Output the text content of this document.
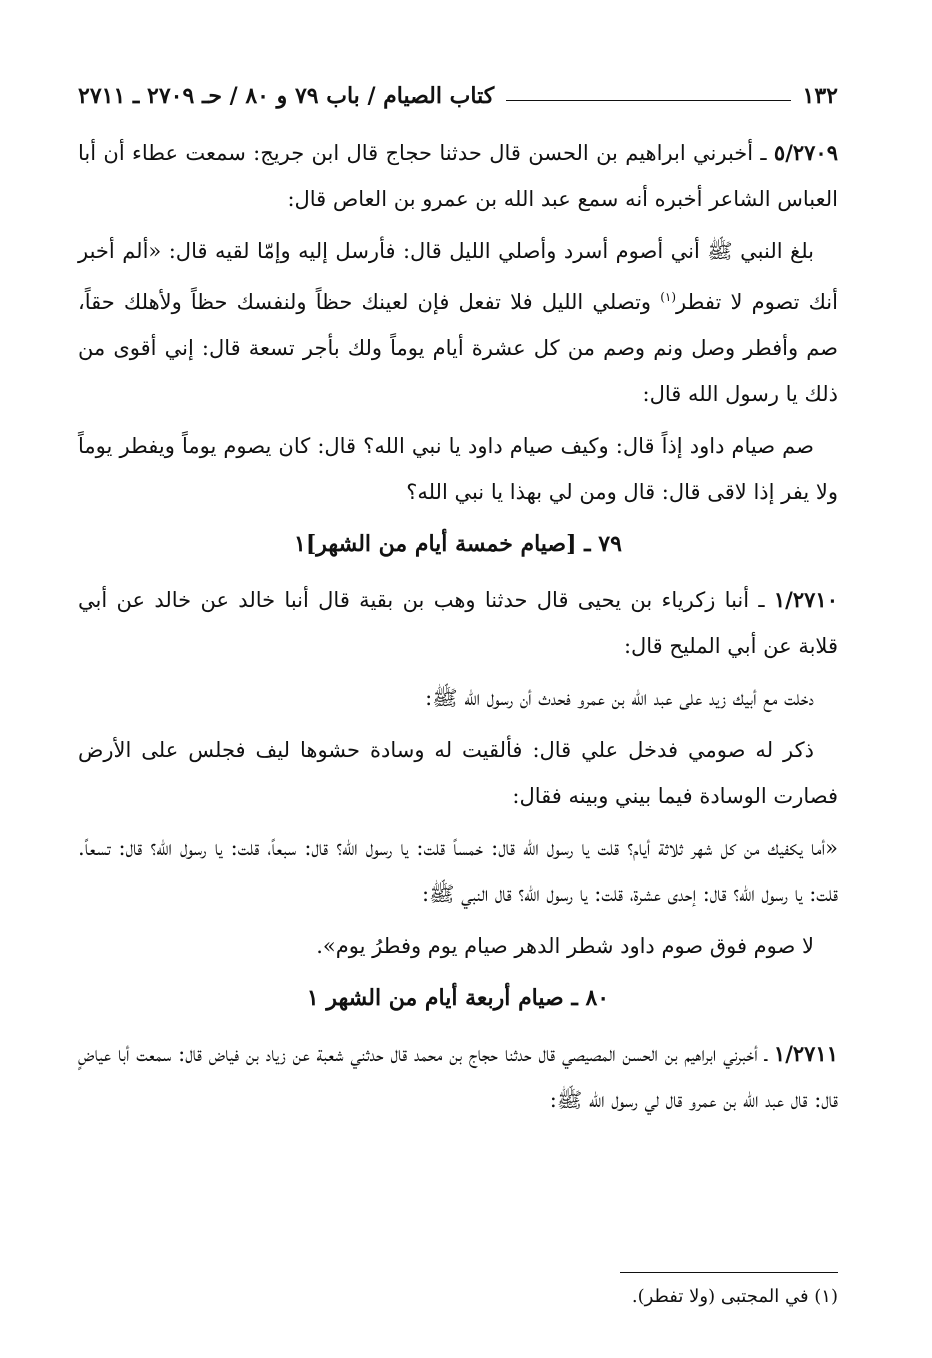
١٣٢
كتاب الصيام / باب ٧٩ و ٨٠ / حـ ٢٧٠٩ ـ ٢٧١١

٥/٢٧٠٩ ـ أخبرني ابراهيم بن الحسن قال حدثنا حجاج قال ابن جريج: سمعت عطاء أن أبا العباس الشاعر أخبره أنه سمع عبد الله بن عمرو بن العاص قال:

بلغ النبي ﷺ أني أصوم أسرد وأصلي الليل قال: فأرسل إليه وإمّا لقيه قال: «ألم أخبر أنك تصوم لا تفطر$^{(١)}$ وتصلي الليل فلا تفعل فإن لعينك حظاً ولنفسك حظاً ولأهلك حقاً، صم وأفطر وصل ونم وصم من كل عشرة أيام يوماً ولك بأجر تسعة قال: إني أقوى من ذلك يا رسول الله قال:

صم صيام داود إذاً قال: وكيف صيام داود يا نبي الله؟ قال: كان يصوم يوماً ويفطر يوماً ولا يفر إذا لاقى قال: قال ومن لي بهذا يا نبي الله؟

٧٩ ـ [صيام خمسة أيام من الشهر]١

١/٢٧١٠ ـ أنبا زكرياء بن يحيى قال حدثنا وهب بن بقية قال أنبا خالد عن خالد عن أبي قلابة عن أبي المليح قال:

دخلت مع أبيك زيد على عبد الله بن عمرو فحدث أن رسول الله ﷺ:

ذكر له صومي فدخل علي قال: فألقيت له وسادة حشوها ليف فجلس على الأرض فصارت الوسادة فيما بيني وبينه فقال:

«أما يكفيك من كل شهر ثلاثة أيام؟ قلت يا رسول الله قال: خمساً قلت: يا رسول الله؟ قال: سبعاً، قلت: يا رسول الله؟ قال: تسعاً. قلت: يا رسول الله؟ قال: إحدى عشرة، قلت: يا رسول الله؟ قال النبي ﷺ:

لا صوم فوق صوم داود شطر الدهر صيام يوم وفطرُ يوم».

٨٠ ـ صيام أربعة أيام من الشهر ١

١/٢٧١١ ـ أخبرني ابراهيم بن الحسن المصيصي قال حدثنا حجاج بن محمد قال حدثني شعبة عن زياد بن فياض قال: سمعت أبا عياضٍ قال: قال عبد الله بن عمرو قال لي رسول الله ﷺ:

(١) في المجتبى (ولا تفطر).
